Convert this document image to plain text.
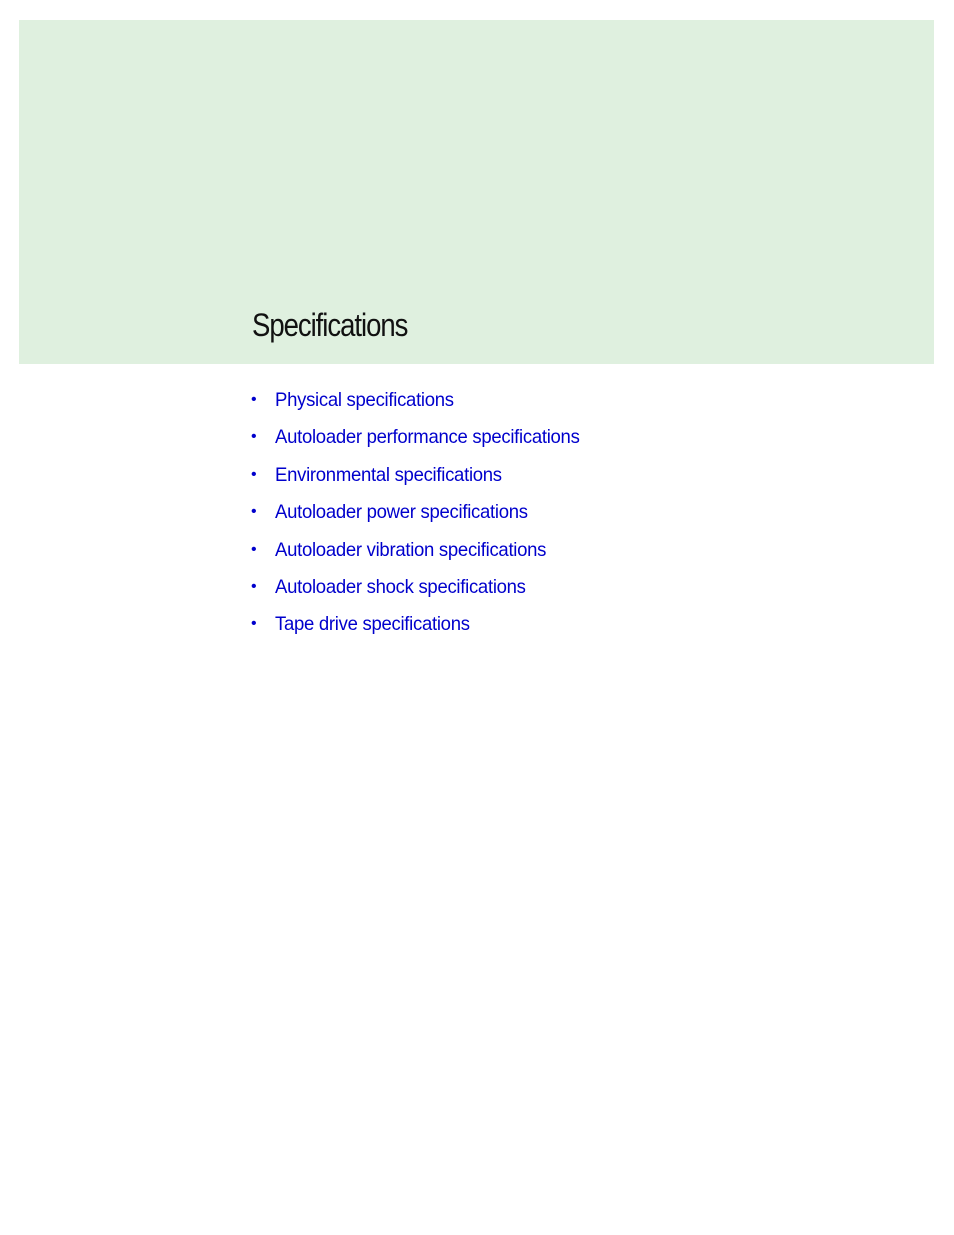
Specifications
• Physical specifications
• Autoloader performance specifications
• Environmental specifications
• Autoloader power specifications
• Autoloader vibration specifications
• Autoloader shock specifications
• Tape drive specifications
